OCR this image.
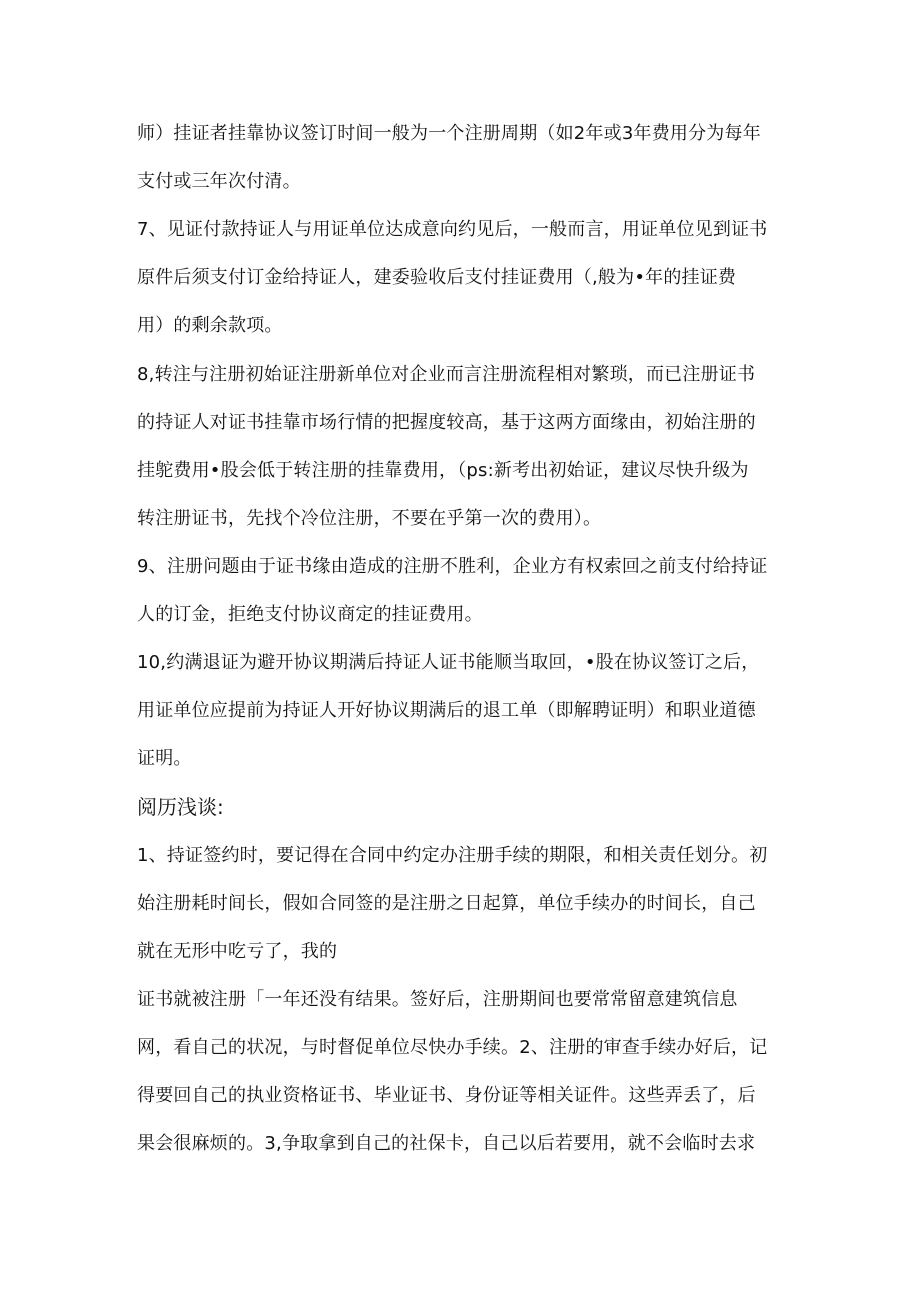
师）挂证者挂靠协议签订时间一般为一个注册周期（如2年或3年费用分为每年
支付或三年次付清。
7、见证付款持证人与用证单位达成意向约见后，一般而言，用证单位见到证书
原件后须支付订金给持证人，建委验收后支付挂证费用（,般为•年的挂证费
用）的剩余款项。
8,转注与注册初始证注册新单位对企业而言注册流程相对繁琐，而已注册证书
的持证人对证书挂靠市场行情的把握度较高，基于这两方面缘由，初始注册的
挂鸵费用•股会低于转注册的挂靠费用，（ps:新考出初始证，建议尽快升级为
转注册证书，先找个冷位注册，不要在乎第一次的费用）。
9、注册问题由于证书缘由造成的注册不胜利，企业方有权索回之前支付给持证
人的订金，拒绝支付协议商定的挂证费用。
10,约满退证为避开协议期满后持证人证书能顺当取回，•股在协议签订之后，
用证单位应提前为持证人开好协议期满后的退工单（即解聘证明）和职业道德
证明。
阅历浅谈:
1、持证签约时，要记得在合同中约定办注册手续的期限，和相关责任划分。初
始注册耗时间长，假如合同签的是注册之日起算，单位手续办的时间长，自己
就在无形中吃亏了，我的
证书就被注册「一年还没有结果。签好后，注册期间也要常常留意建筑信息
网，看自己的状况，与时督促单位尽快办手续。2、注册的审查手续办好后，记
得要回自己的执业资格证书、毕业证书、身份证等相关证件。这些弄丢了，后
果会很麻烦的。3,争取拿到自己的社保卡，自己以后若要用，就不会临时去求
